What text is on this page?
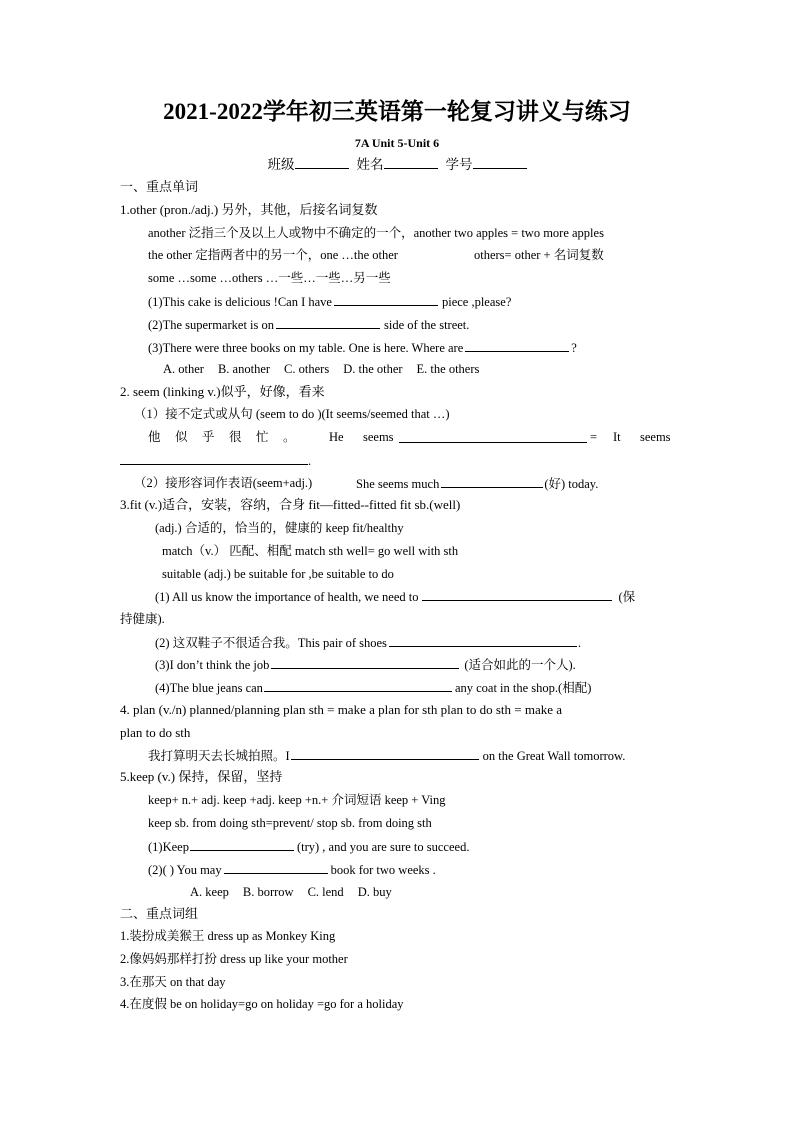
2021-2022学年初三英语第一轮复习讲义与练习
7A Unit 5-Unit 6
班级	姓名	学号
一、重点单词
1.other (pron./adj.) 另外，其他，后接名词复数
another 泛指三个及以上人或物中不确定的一个，another two apples = two more apples
the other 定指两者中的另一个，one …the other	others= other + 名词复数
some …some …others …一些…一些…另一些
(1)This cake is delicious !Can I have	piece ,please?
(2)The supermarket is on	side of the street.
(3)There were three books on my table. One is here. Where are	?
A. other B. another C. others D. the other E. the others
2. seem (linking v.)似乎，好像，看来
（1）接不定式或从句 (seem to do )(It seems/seemed that …)
他 似 乎 很 忙 。	He seems	= It seems
.
（2）接形容词作表语(seem+adj.)	She seems much	(好) today.
3.fit (v.)适合，安装，容纳，合身 fit—fitted--fitted fit sb.(well)
(adj.) 合适的，恰当的，健康的 keep fit/healthy
match（v.） 匹配、相配 match sth well= go well with sth
suitable (adj.) be suitable for ,be suitable to do
(1) All us know the importance of health, we need to	(保
持健康).
(2) 这双鞋子不很适合我。This pair of shoes	.
(3)I don’t think the job	(适合如此的一个人).
(4)The blue jeans can	any coat in the shop.(相配)
4. plan (v./n) planned/planning plan sth = make a plan for sth plan to do sth = make a
plan to do sth
我打算明天去长城拍照。I	on the Great Wall tomorrow.
5.keep (v.) 保持，保留，坚持
keep+ n.+ adj. keep +adj. keep +n.+ 介词短语 keep + Ving
keep sb. from doing sth=prevent/ stop sb. from doing sth
(1)Keep	(try) , and you are sure to succeed.
(2)( ) You may	book for two weeks .
A. keep B. borrow C. lend D. buy
二、重点词组
1.装扮成美猴王 dress up as Monkey King
2.像妈妈那样打扮 dress up like your mother
3.在那天 on that day
4.在度假 be on holiday=go on holiday =go for a holiday
